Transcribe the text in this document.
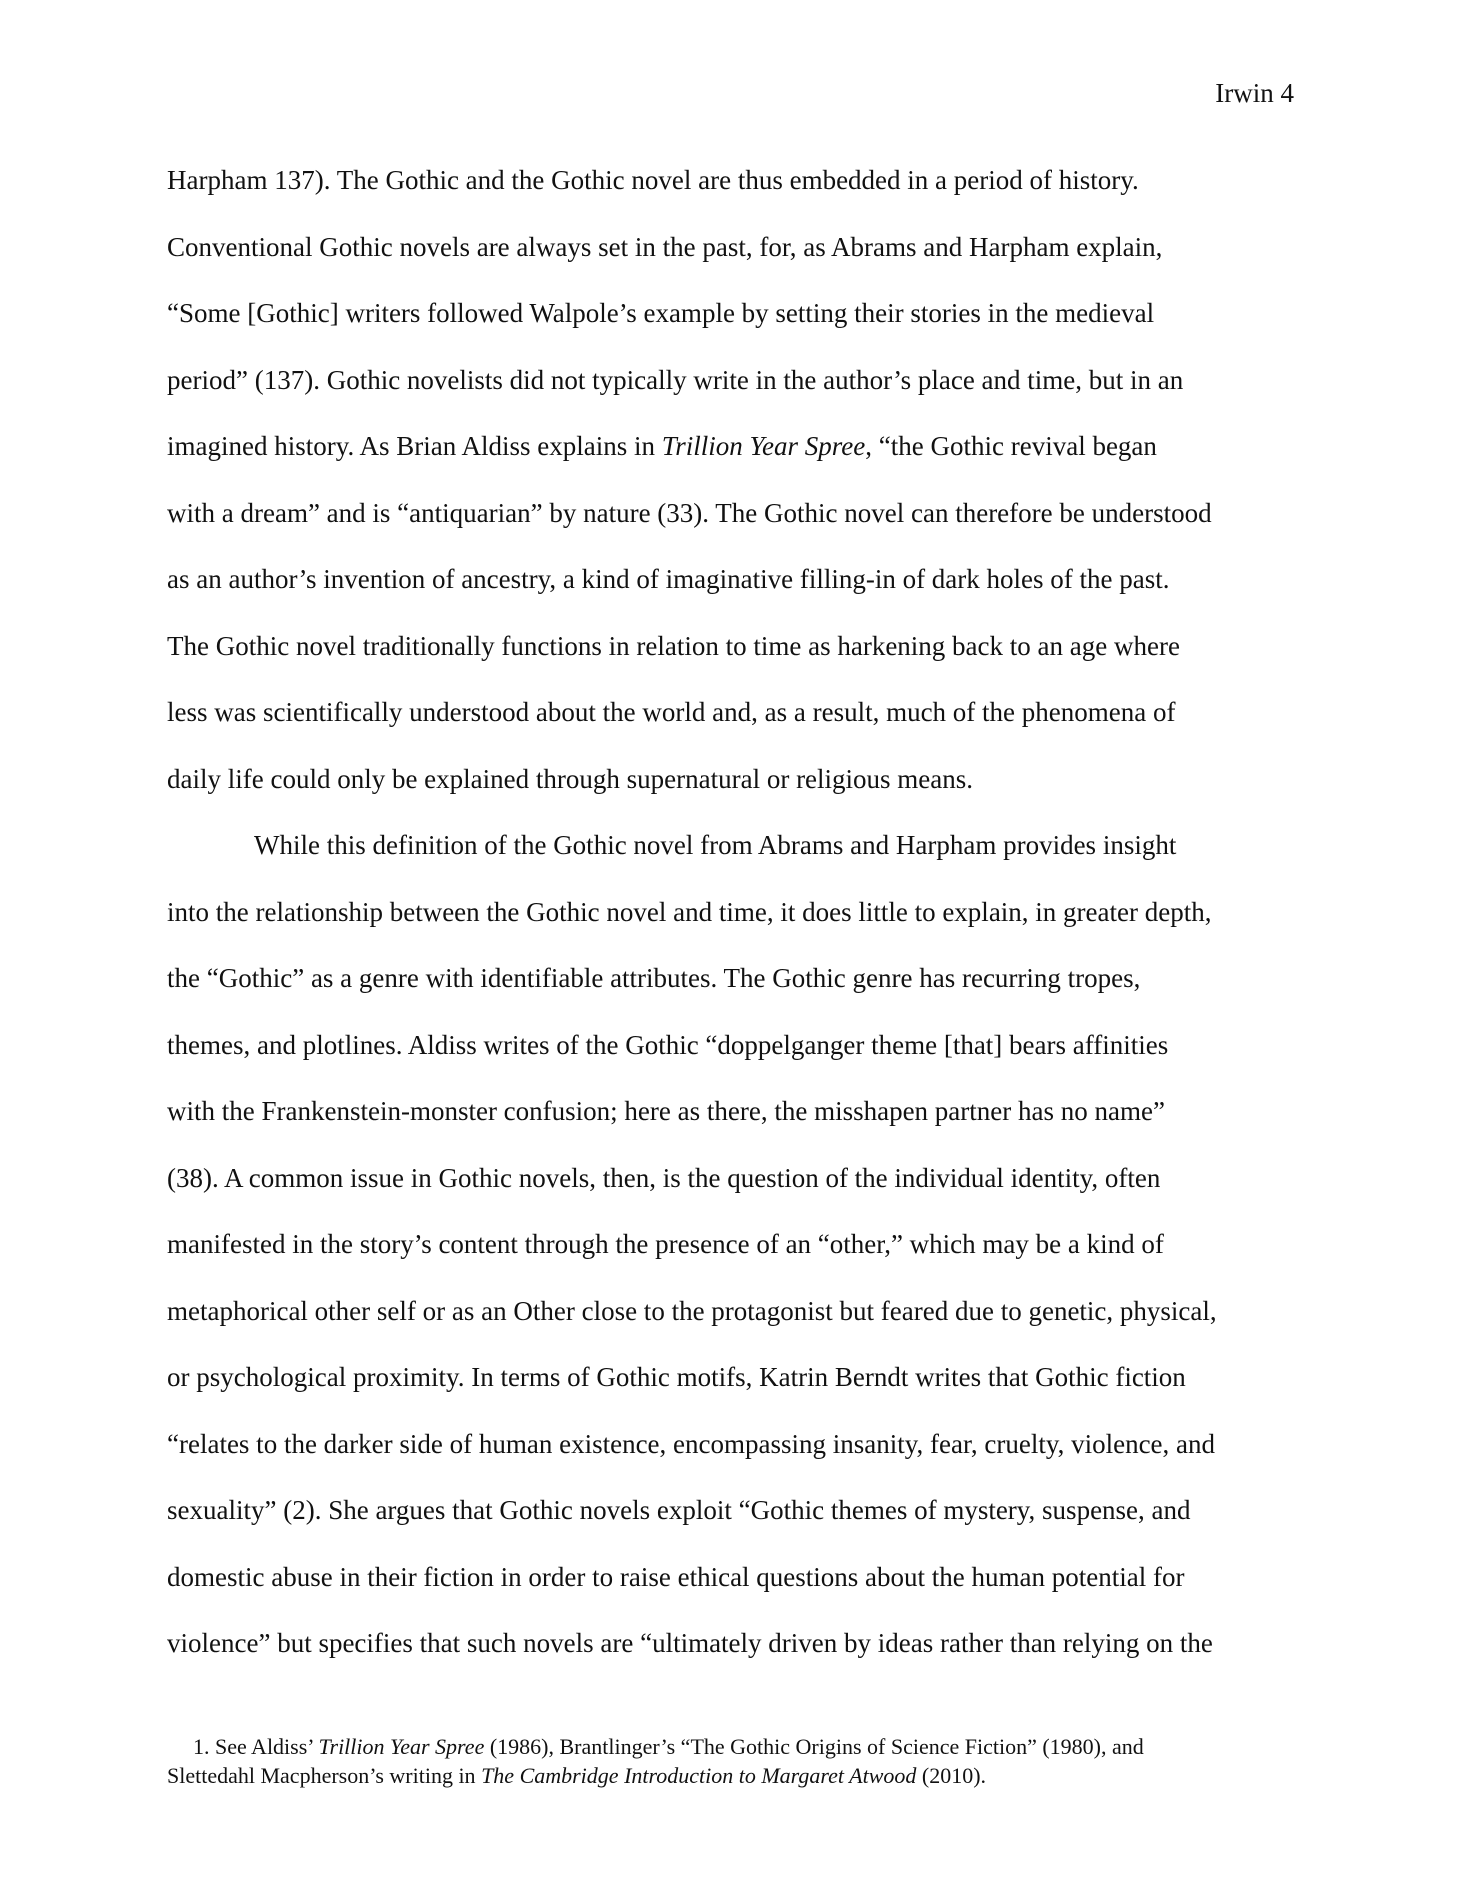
Irwin 4
Harpham 137). The Gothic and the Gothic novel are thus embedded in a period of history.
Conventional Gothic novels are always set in the past, for, as Abrams and Harpham explain,
“Some [Gothic] writers followed Walpole’s example by setting their stories in the medieval
period” (137). Gothic novelists did not typically write in the author’s place and time, but in an
imagined history. As Brian Aldiss explains in Trillion Year Spree, “the Gothic revival began
with a dream” and is “antiquarian” by nature (33). The Gothic novel can therefore be understood
as an author’s invention of ancestry, a kind of imaginative filling-in of dark holes of the past.
The Gothic novel traditionally functions in relation to time as harkening back to an age where
less was scientifically understood about the world and, as a result, much of the phenomena of
daily life could only be explained through supernatural or religious means.
While this definition of the Gothic novel from Abrams and Harpham provides insight
into the relationship between the Gothic novel and time, it does little to explain, in greater depth,
the “Gothic” as a genre with identifiable attributes. The Gothic genre has recurring tropes,
themes, and plotlines. Aldiss writes of the Gothic “doppelganger theme [that] bears affinities
with the Frankenstein-monster confusion; here as there, the misshapen partner has no name”
(38). A common issue in Gothic novels, then, is the question of the individual identity, often
manifested in the story’s content through the presence of an “other,” which may be a kind of
metaphorical other self or as an Other close to the protagonist but feared due to genetic, physical,
or psychological proximity. In terms of Gothic motifs, Katrin Berndt writes that Gothic fiction
“relates to the darker side of human existence, encompassing insanity, fear, cruelty, violence, and
sexuality” (2). She argues that Gothic novels exploit “Gothic themes of mystery, suspense, and
domestic abuse in their fiction in order to raise ethical questions about the human potential for
violence” but specifies that such novels are “ultimately driven by ideas rather than relying on the
1. See Aldiss’ Trillion Year Spree (1986), Brantlinger’s “The Gothic Origins of Science Fiction” (1980), and
Slettedahl Macpherson’s writing in The Cambridge Introduction to Margaret Atwood (2010).
